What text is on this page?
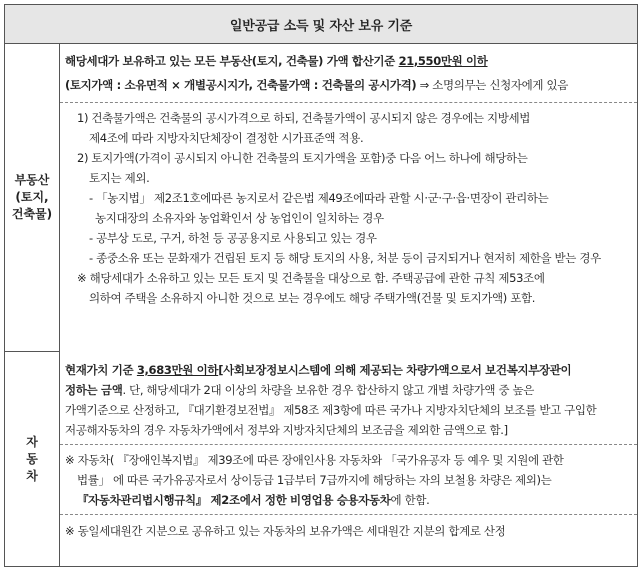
일반공급 소득 및 자산 보유 기준
부동산
(토지,
건축물)
해당세대가 보유하고 있는 모든 부동산(토지, 건축물) 가액 합산기준 21,550만원 이하
(토지가액 : 소유면적 × 개별공시지가, 건축물가액 : 건축물의 공시가격) ⇒ 소명의무는 신청자에게 있음
1) 건축물가액은 건축물의 공시가격으로 하되, 건축물가액이 공시되지 않은 경우에는 지방세법
제4조에 따라 지방자치단체장이 결정한 시가표준액 적용.
2) 토지가액(가격이 공시되지 아니한 건축물의 토지가액을 포함)중 다음 어느 하나에 해당하는
토지는 제외.
- 「농지법」 제2조1호에따른 농지로서 같은법 제49조에따라 관할 시·군·구·읍·면장이 관리하는
농지대장의 소유자와 농업확인서 상 농업인이 일치하는 경우
- 공부상 도로, 구거, 하천 등 공공용지로 사용되고 있는 경우
- 종중소유 또는 문화재가 건립된 토지 등 해당 토지의 사용, 처분 등이 금지되거나 현저히 제한을 받는 경우
※ 해당세대가 소유하고 있는 모든 토지 및 건축물을 대상으로 함. 주택공급에 관한 규칙 제53조에
의하여 주택을 소유하지 아니한 것으로 보는 경우에도 해당 주택가액(건물 및 토지가액) 포함.
자
동
차
현재가치 기준 3,683만원 이하[사회보장정보시스템에 의해 제공되는 차량가액으로서 보건복지부장관이
정하는 금액. 단, 해당세대가 2대 이상의 차량을 보유한 경우 합산하지 않고 개별 차량가액 중 높은
가액기준으로 산정하고, 『대기환경보전법』 제58조 제3항에 따른 국가나 지방자치단체의 보조를 받고 구입한
저공해자동차의 경우 자동차가액에서 정부와 지방자치단체의 보조금을 제외한 금액으로 함.]
※ 자동차( 『장애인복지법』 제39조에 따른 장애인사용 자동차와 「국가유공자 등 예우 및 지원에 관한
법률」 에 따른 국가유공자로서 상이등급 1급부터 7급까지에 해당하는 자의 보철용 차량은 제외)는
『자동차관리법시행규칙』 제2조에서 정한 비영업용 승용자동차에 한함.
※ 동일세대원간 지분으로 공유하고 있는 자동차의 보유가액은 세대원간 지분의 합계로 산정
